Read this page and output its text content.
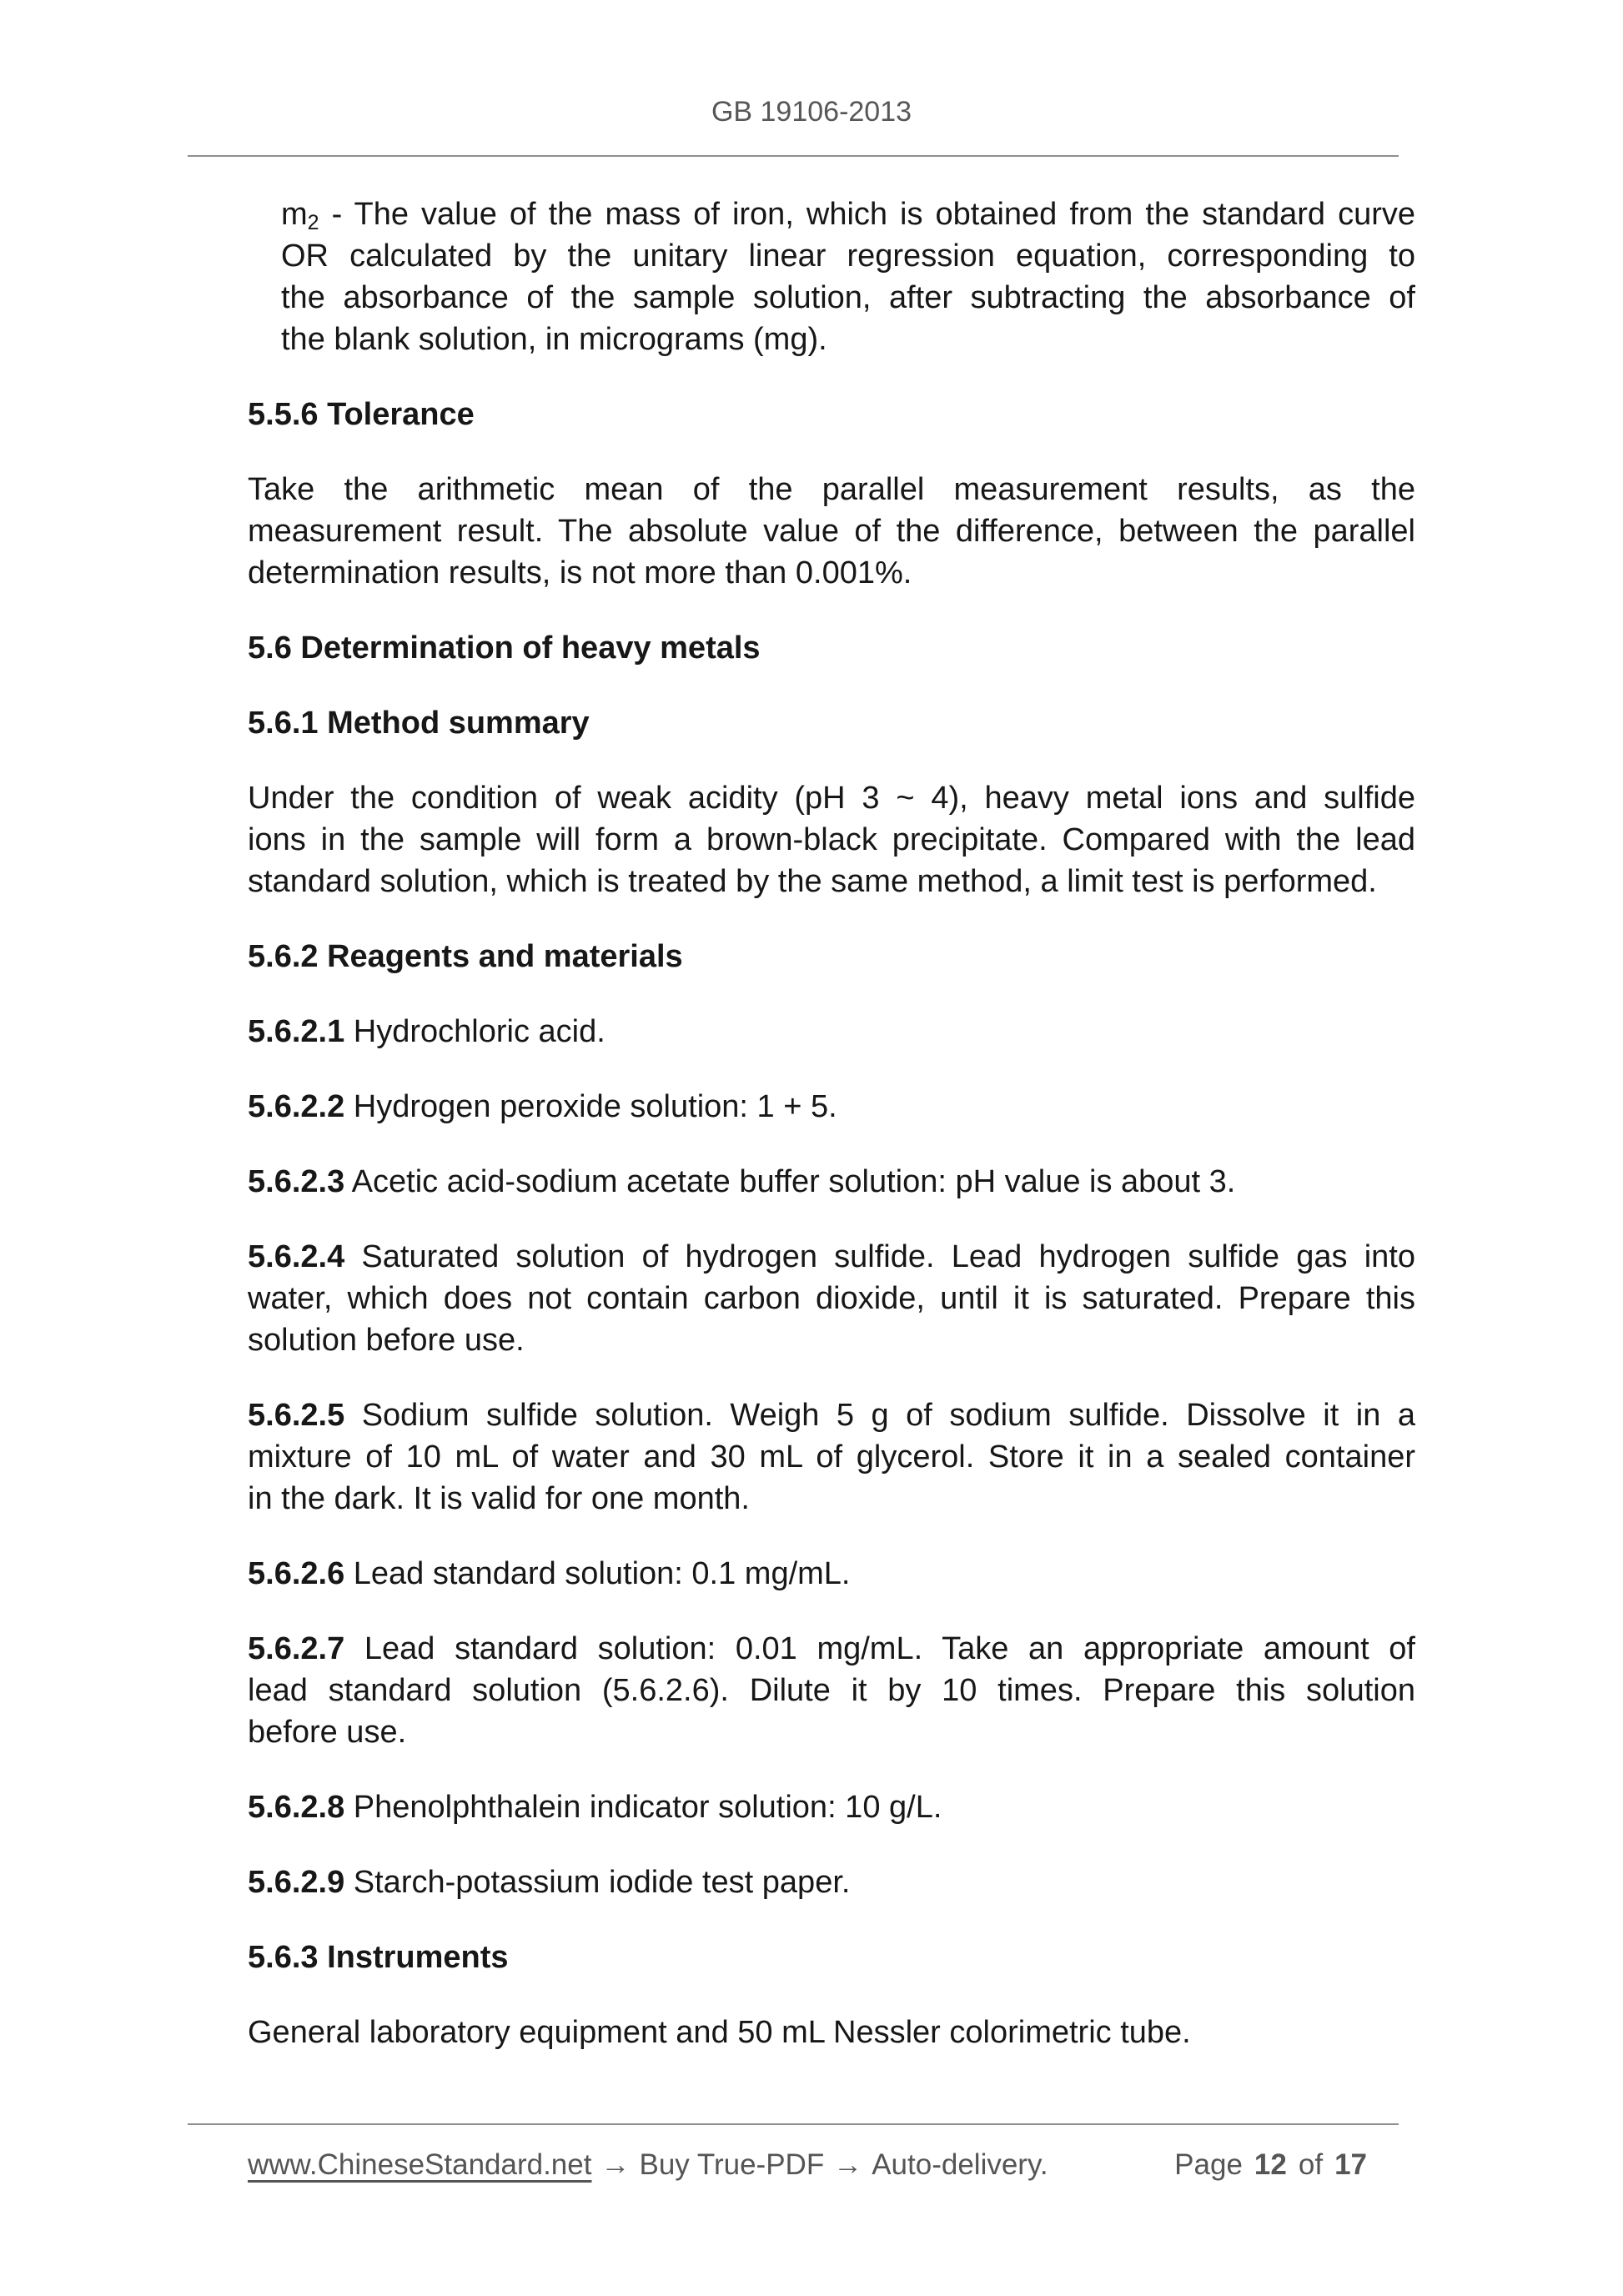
GB 19106-2013
$m_2$ - The value of the mass of iron, which is obtained from the standard curve
OR calculated by the unitary linear regression equation, corresponding to
the absorbance of the sample solution, after subtracting the absorbance of
the blank solution, in micrograms (mg).
5.5.6 Tolerance
Take the arithmetic mean of the parallel measurement results, as the
measurement result. The absolute value of the difference, between the parallel
determination results, is not more than 0.001%.
5.6 Determination of heavy metals
5.6.1 Method summary
Under the condition of weak acidity (pH 3 ~ 4), heavy metal ions and sulfide
ions in the sample will form a brown-black precipitate. Compared with the lead
standard solution, which is treated by the same method, a limit test is performed.
5.6.2 Reagents and materials
5.6.2.1 Hydrochloric acid.
5.6.2.2 Hydrogen peroxide solution: 1 + 5.
5.6.2.3 Acetic acid-sodium acetate buffer solution: pH value is about 3.
5.6.2.4 Saturated solution of hydrogen sulfide. Lead hydrogen sulfide gas into
water, which does not contain carbon dioxide, until it is saturated. Prepare this
solution before use.
5.6.2.5 Sodium sulfide solution. Weigh 5 g of sodium sulfide. Dissolve it in a
mixture of 10 mL of water and 30 mL of glycerol. Store it in a sealed container
in the dark. It is valid for one month.
5.6.2.6 Lead standard solution: 0.1 mg/mL.
5.6.2.7 Lead standard solution: 0.01 mg/mL. Take an appropriate amount of
lead standard solution (5.6.2.6). Dilute it by 10 times. Prepare this solution
before use.
5.6.2.8 Phenolphthalein indicator solution: 10 g/L.
5.6.2.9 Starch-potassium iodide test paper.
5.6.3 Instruments
General laboratory equipment and 50 mL Nessler colorimetric tube.
www.ChineseStandard.net → Buy True-PDF → Auto-delivery.	Page 12 of 17
